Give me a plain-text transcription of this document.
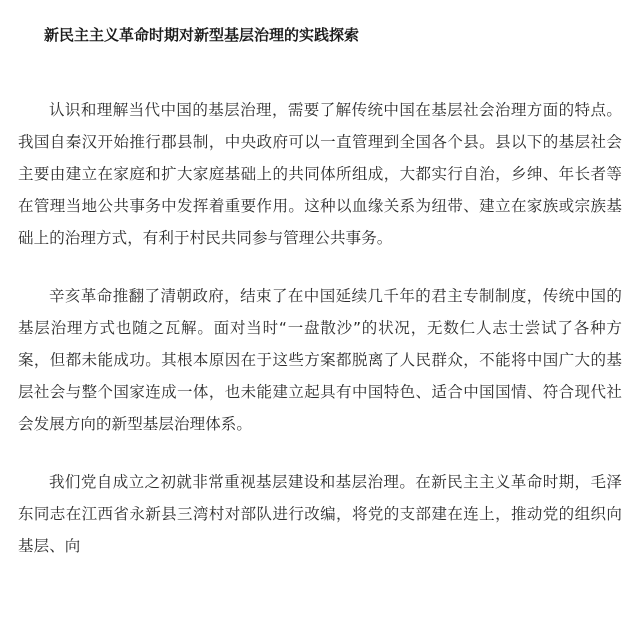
新民主主义革命时期对新型基层治理的实践探索

认识和理解当代中国的基层治理，需要了解传统中国在基层社会治理方面的特点。我国自秦汉开始推行郡县制，中央政府可以一直管理到全国各个县。县以下的基层社会主要由建立在家庭和扩大家庭基础上的共同体所组成，大都实行自治，乡绅、年长者等在管理当地公共事务中发挥着重要作用。这种以血缘关系为纽带、建立在家族或宗族基础上的治理方式，有利于村民共同参与管理公共事务。

辛亥革命推翻了清朝政府，结束了在中国延续几千年的君主专制制度，传统中国的基层治理方式也随之瓦解。面对当时“一盘散沙”的状况，无数仁人志士尝试了各种方案，但都未能成功。其根本原因在于这些方案都脱离了人民群众，不能将中国广大的基层社会与整个国家连成一体，也未能建立起具有中国特色、适合中国国情、符合现代社会发展方向的新型基层治理体系。

我们党自成立之初就非常重视基层建设和基层治理。在新民主主义革命时期，毛泽东同志在江西省永新县三湾村对部队进行改编，将党的支部建在连上，推动党的组织向基层、向
